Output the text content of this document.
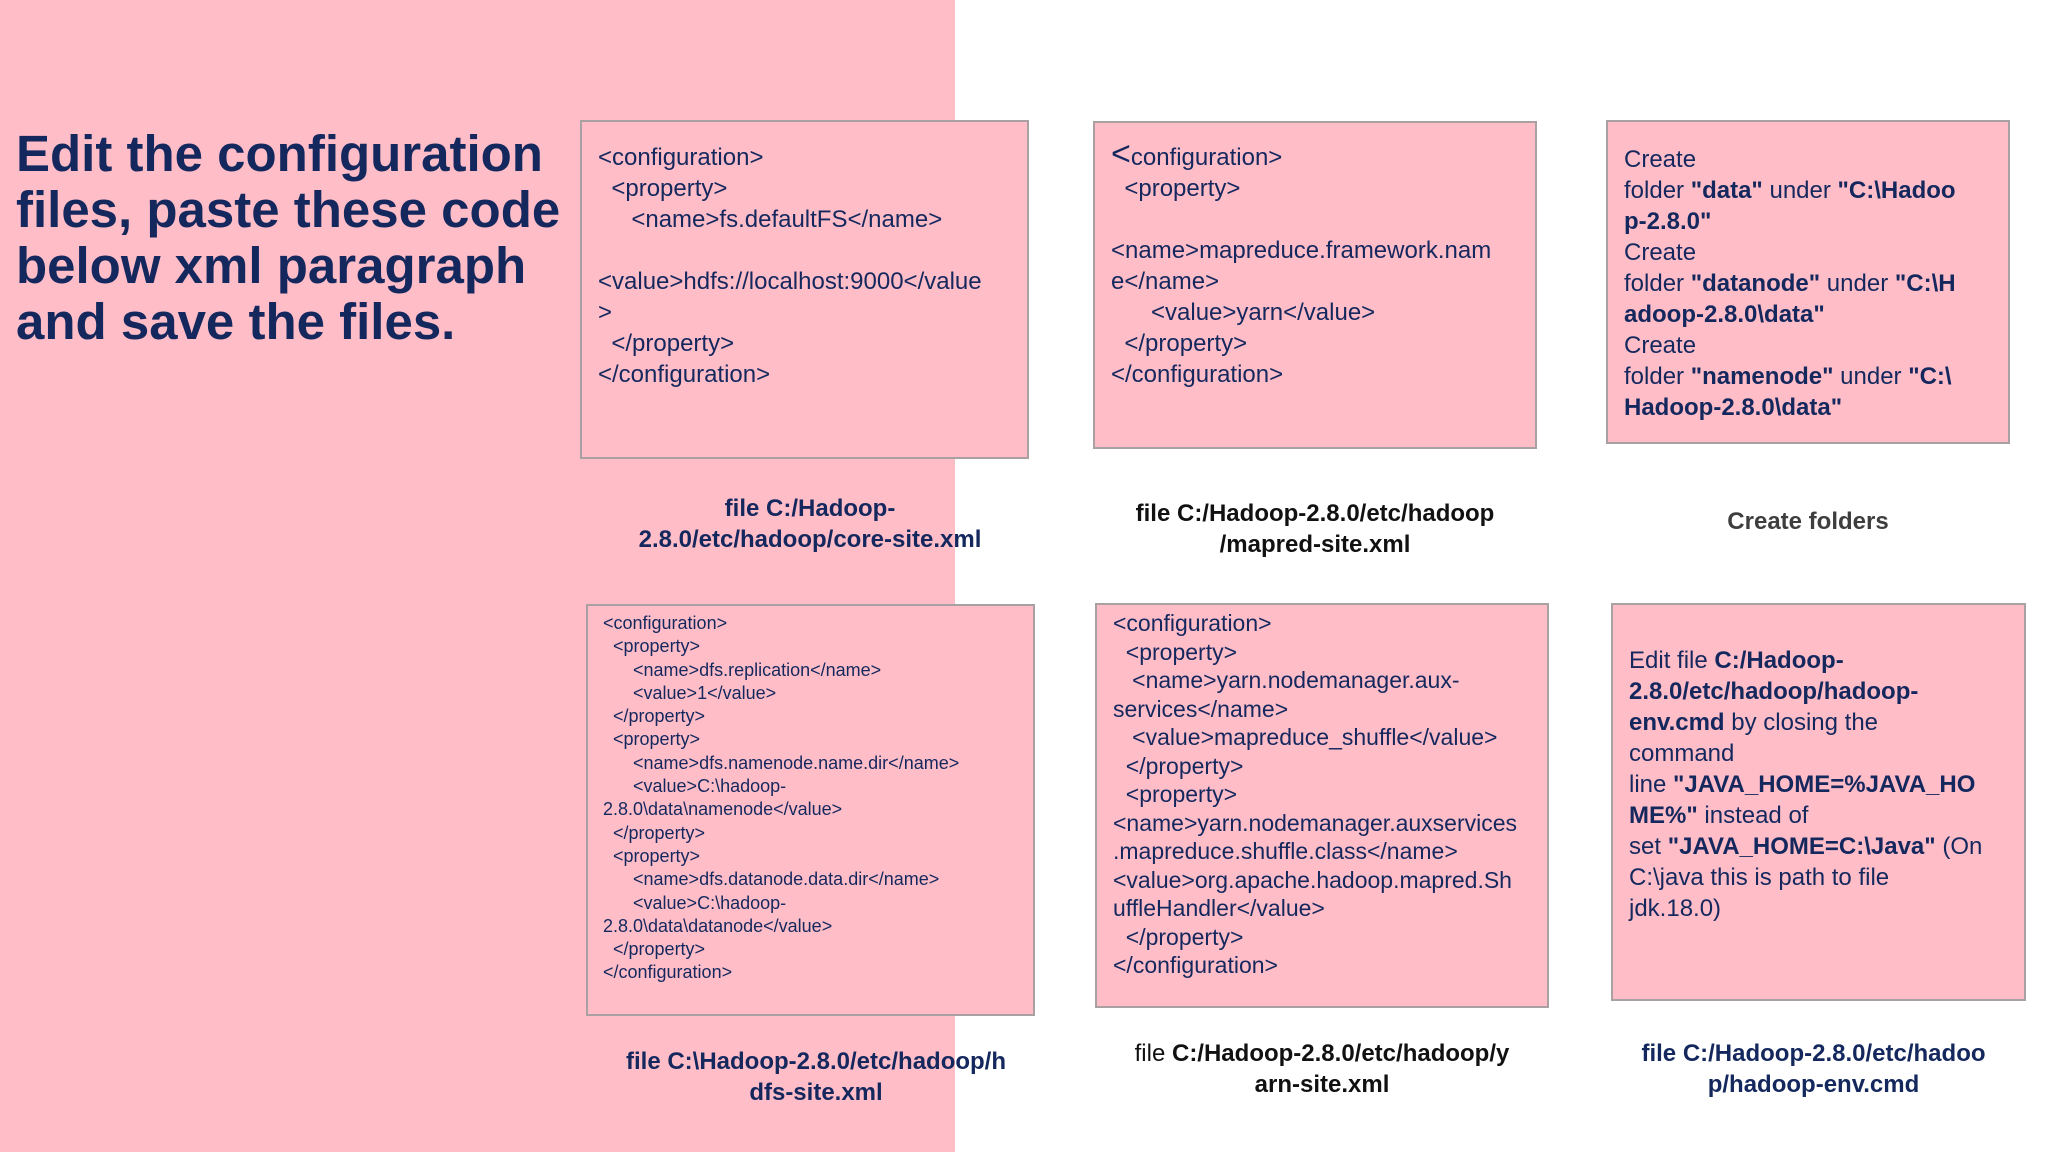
Edit the configuration files, paste these code below xml paragraph and save the files.
<configuration>
<property>
<name>fs.defaultFS</name>
<value>hdfs://localhost:9000</value
>
</property>
</configuration>
file C:/Hadoop-
2.8.0/etc/hadoop/core-site.xml
<configuration>
<property>
<name>mapreduce.framework.nam
e</name>
<value>yarn</value>
</property>
</configuration>
file C:/Hadoop-2.8.0/etc/hadoop
/mapred-site.xml
Create
folder "data" under "C:\Hadoo
p-2.8.0"
Create
folder "datanode" under "C:\H
adoop-2.8.0\data"
Create
folder "namenode" under "C:\
Hadoop-2.8.0\data"
Create folders
<configuration>
<property>
<name>dfs.replication</name>
<value>1</value>
</property>
<property>
<name>dfs.namenode.name.dir</name>
<value>C:\hadoop-
2.8.0\data\namenode</value>
</property>
<property>
<name>dfs.datanode.data.dir</name>
<value>C:\hadoop-
2.8.0\data\datanode</value>
</property>
</configuration>
file C:\Hadoop-2.8.0/etc/hadoop/h
dfs-site.xml
<configuration>
<property>
<name>yarn.nodemanager.aux-
services</name>
<value>mapreduce_shuffle</value>
</property>
<property>
<name>yarn.nodemanager.auxservices
.mapreduce.shuffle.class</name>
<value>org.apache.hadoop.mapred.Sh
uffleHandler</value>
</property>
</configuration>
file C:/Hadoop-2.8.0/etc/hadoop/y
arn-site.xml
Edit file C:/Hadoop-
2.8.0/etc/hadoop/hadoop-
env.cmd by closing the
command
line "JAVA_HOME=%JAVA_HO
ME%" instead of
set "JAVA_HOME=C:\Java" (On
C:\java this is path to file
jdk.18.0)
file C:/Hadoop-2.8.0/etc/hadoo
p/hadoop-env.cmd
